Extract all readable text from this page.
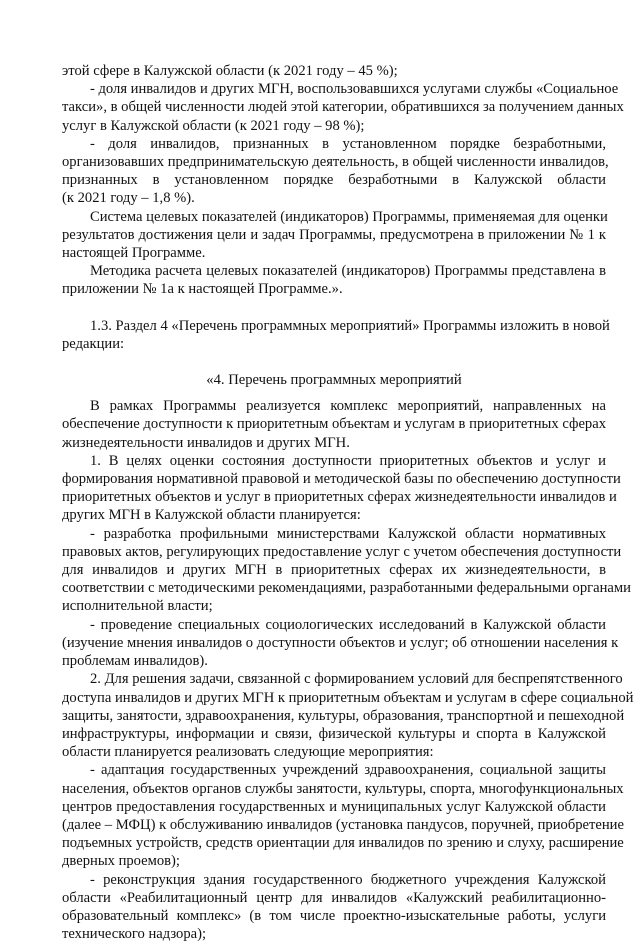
этой сфере в Калужской области (к 2021 году – 45 %);
- доля инвалидов и других МГН, воспользовавшихся услугами службы «Социальное
такси», в общей численности людей этой категории, обратившихся за получением данных
услуг в Калужской области (к 2021 году – 98 %);
- доля инвалидов, признанных в установленном порядке безработными,
организовавших предпринимательскую деятельность, в общей численности инвалидов,
признанных в установленном порядке безработными в Калужской области
(к 2021 году – 1,8 %).
Система целевых показателей (индикаторов) Программы, применяемая для оценки
результатов достижения цели и задач Программы, предусмотрена в приложении № 1 к
настоящей Программе.
Методика расчета целевых показателей (индикаторов) Программы представлена в
приложении № 1а к настоящей Программе.».
1.3. Раздел 4 «Перечень программных мероприятий» Программы изложить в новой
редакции:
«4. Перечень программных мероприятий
В рамках Программы реализуется комплекс мероприятий, направленных на
обеспечение доступности к приоритетным объектам и услугам в приоритетных сферах
жизнедеятельности инвалидов и других МГН.
1. В целях оценки состояния доступности приоритетных объектов и услуг и
формирования нормативной правовой и методической базы по обеспечению доступности
приоритетных объектов и услуг в приоритетных сферах жизнедеятельности инвалидов и
других МГН в Калужской области планируется:
- разработка профильными министерствами Калужской области нормативных
правовых актов, регулирующих предоставление услуг с учетом обеспечения доступности
для инвалидов и других МГН в приоритетных сферах их жизнедеятельности, в
соответствии с методическими рекомендациями, разработанными федеральными органами
исполнительной власти;
- проведение специальных социологических исследований в Калужской области
(изучение мнения инвалидов о доступности объектов и услуг; об отношении населения к
проблемам инвалидов).
2. Для решения задачи, связанной с формированием условий для беспрепятственного
доступа инвалидов и других МГН к приоритетным объектам и услугам в сфере социальной
защиты, занятости, здравоохранения, культуры, образования, транспортной и пешеходной
инфраструктуры, информации и связи, физической культуры и спорта в Калужской
области планируется реализовать следующие мероприятия:
- адаптация государственных учреждений здравоохранения, социальной защиты
населения, объектов органов службы занятости, культуры, спорта, многофункциональных
центров предоставления государственных и муниципальных услуг Калужской области
(далее – МФЦ) к обслуживанию инвалидов (установка пандусов, поручней, приобретение
подъемных устройств, средств ориентации для инвалидов по зрению и слуху, расширение
дверных проемов);
- реконструкция здания государственного бюджетного учреждения Калужской
области «Реабилитационный центр для инвалидов «Калужский реабилитационно-
образовательный комплекс» (в том числе проектно-изыскательные работы, услуги
технического надзора);
